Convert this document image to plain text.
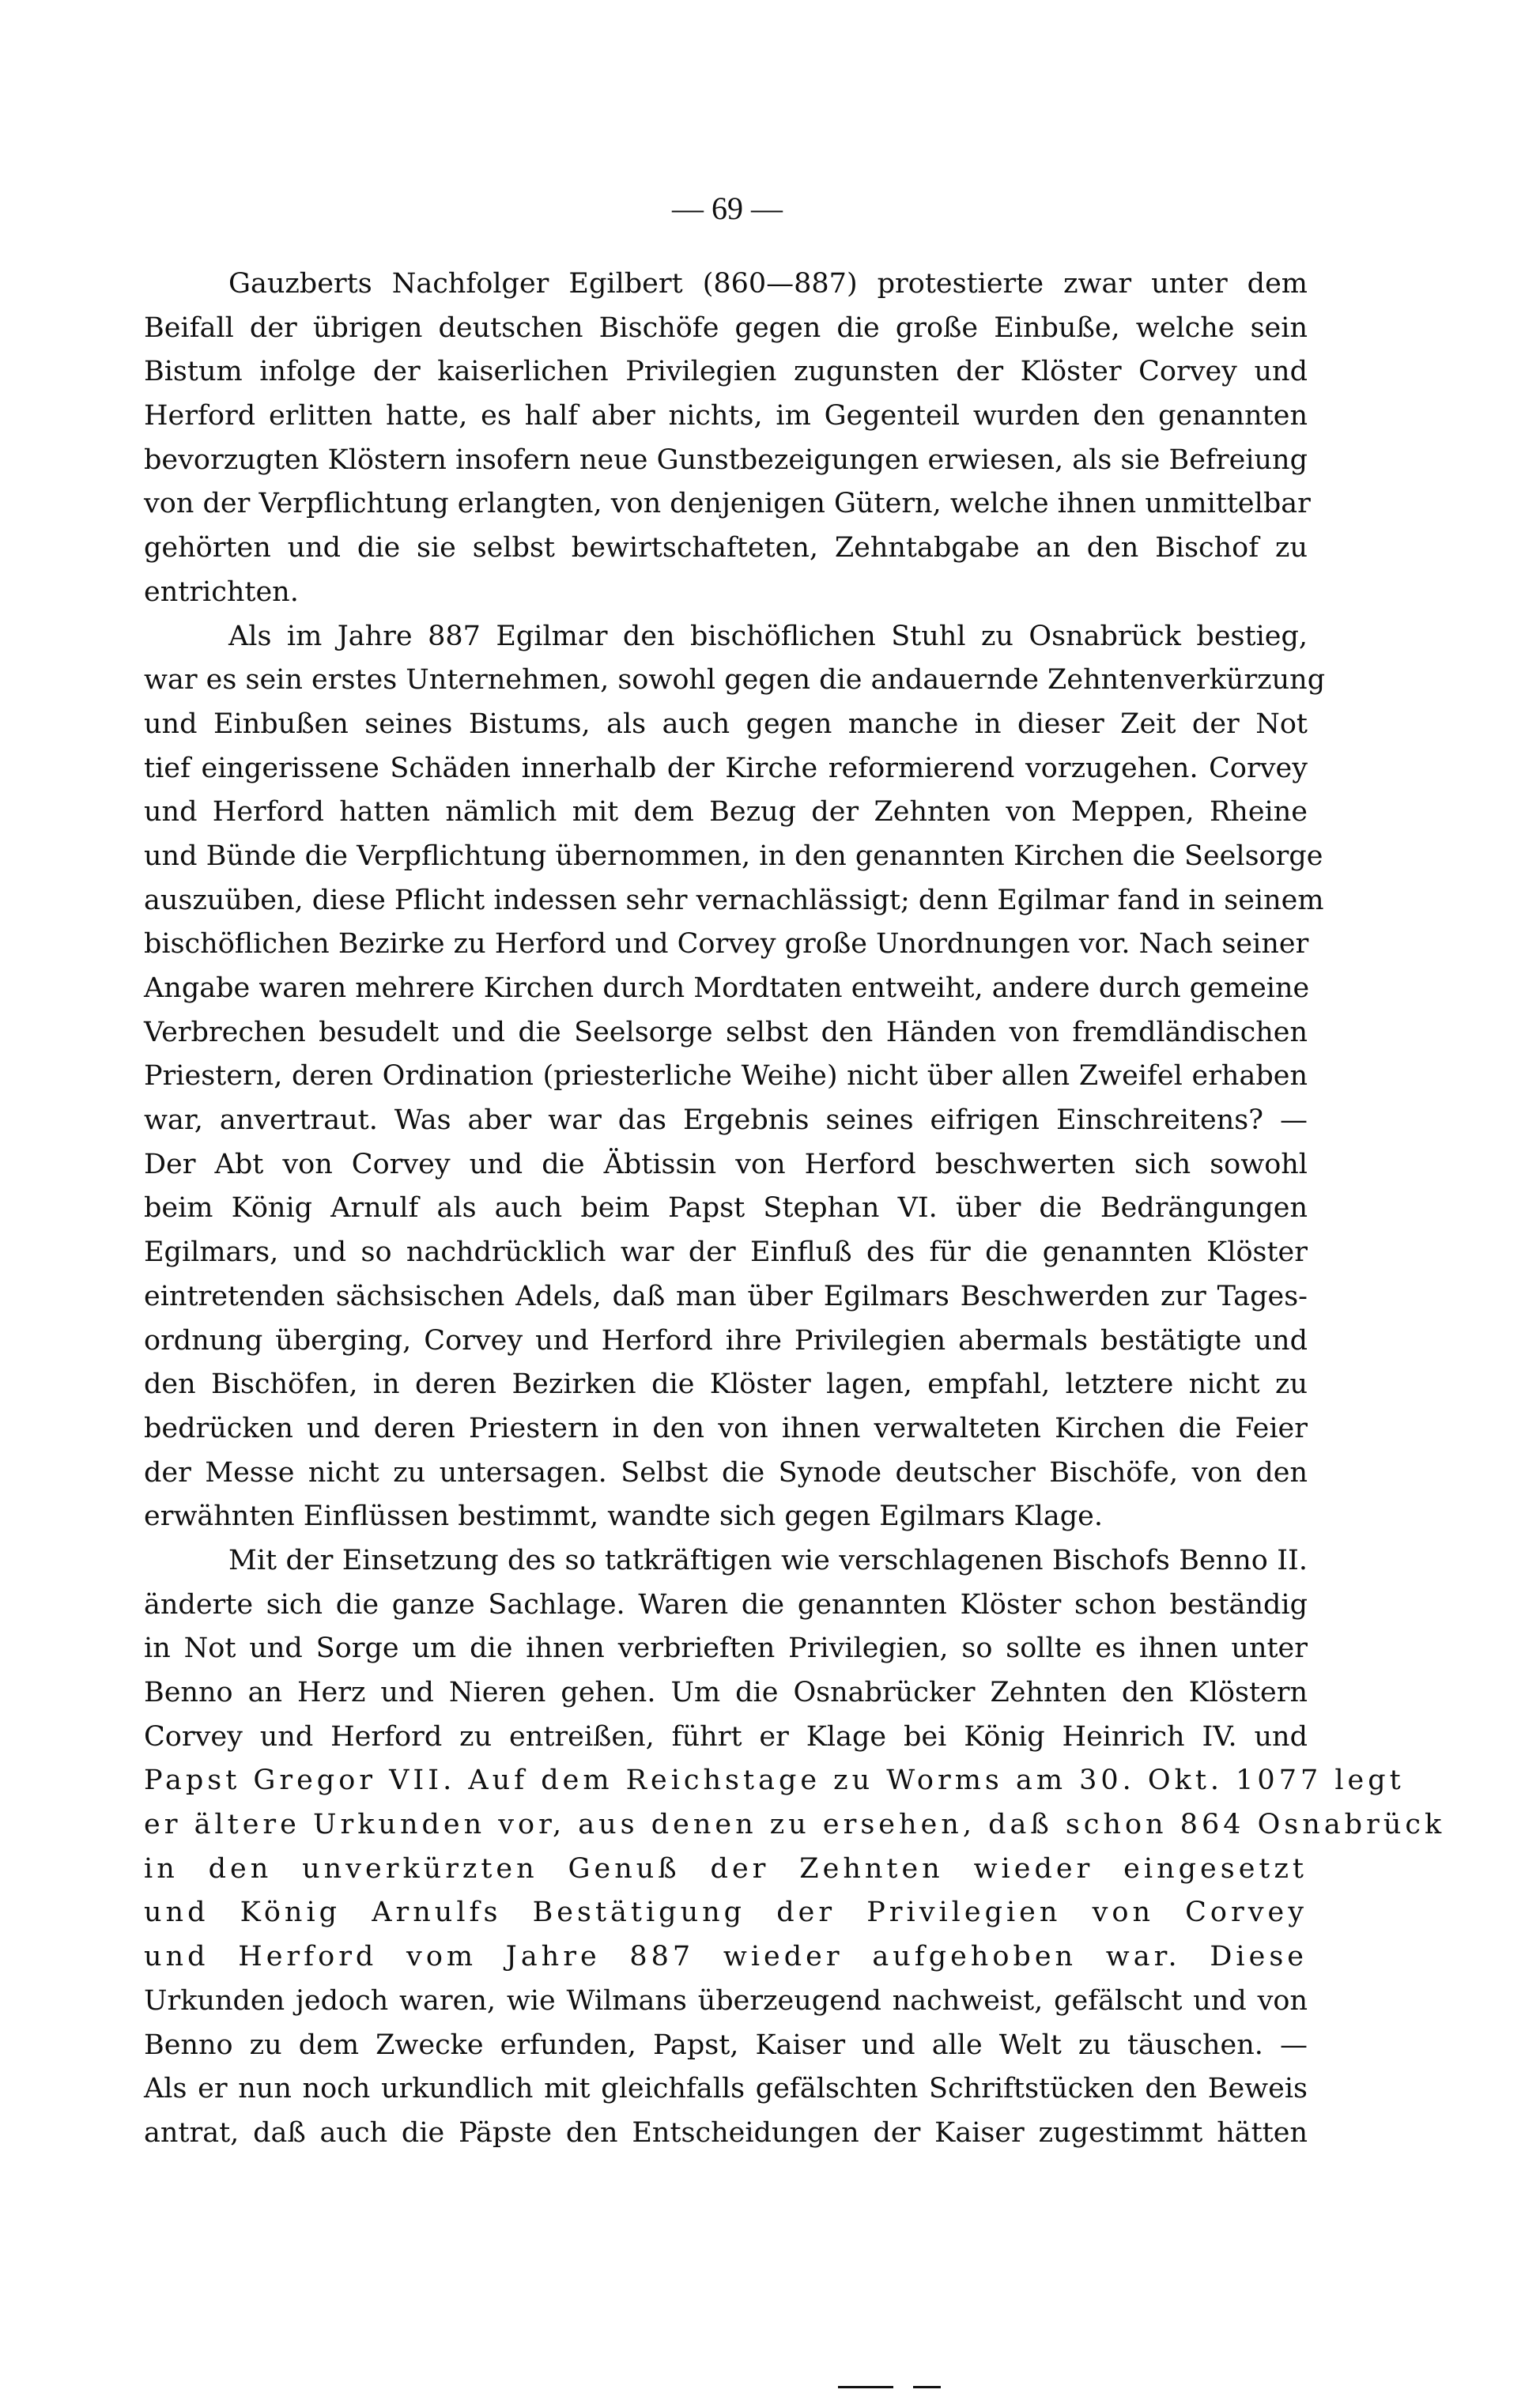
— 69 —
Gauzberts Nachfolger Egilbert (860—887) protestierte zwar unter dem
Beifall der übrigen deutschen Bischöfe gegen die große Einbuße, welche sein
Bistum infolge der kaiserlichen Privilegien zugunsten der Klöster Corvey und
Herford erlitten hatte, es half aber nichts, im Gegenteil wurden den genannten
bevorzugten Klöstern insofern neue Gunstbezeigungen erwiesen, als sie Befreiung
von der Verpflichtung erlangten, von denjenigen Gütern, welche ihnen unmittelbar
gehörten und die sie selbst bewirtschafteten, Zehntabgabe an den Bischof zu
entrichten.
Als im Jahre 887 Egilmar den bischöflichen Stuhl zu Osnabrück bestieg,
war es sein erstes Unternehmen, sowohl gegen die andauernde Zehntenverkürzung
und Einbußen seines Bistums, als auch gegen manche in dieser Zeit der Not
tief eingerissene Schäden innerhalb der Kirche reformierend vorzugehen. Corvey
und Herford hatten nämlich mit dem Bezug der Zehnten von Meppen, Rheine
und Bünde die Verpflichtung übernommen, in den genannten Kirchen die Seelsorge
auszuüben, diese Pflicht indessen sehr vernachlässigt; denn Egilmar fand in seinem
bischöflichen Bezirke zu Herford und Corvey große Unordnungen vor. Nach seiner
Angabe waren mehrere Kirchen durch Mordtaten entweiht, andere durch gemeine
Verbrechen besudelt und die Seelsorge selbst den Händen von fremdländischen
Priestern, deren Ordination (priesterliche Weihe) nicht über allen Zweifel erhaben
war, anvertraut. Was aber war das Ergebnis seines eifrigen Einschreitens? —
Der Abt von Corvey und die Äbtissin von Herford beschwerten sich sowohl
beim König Arnulf als auch beim Papst Stephan VI. über die Bedrängungen
Egilmars, und so nachdrücklich war der Einfluß des für die genannten Klöster
eintretenden sächsischen Adels, daß man über Egilmars Beschwerden zur Tages-
ordnung überging, Corvey und Herford ihre Privilegien abermals bestätigte und
den Bischöfen, in deren Bezirken die Klöster lagen, empfahl, letztere nicht zu
bedrücken und deren Priestern in den von ihnen verwalteten Kirchen die Feier
der Messe nicht zu untersagen. Selbst die Synode deutscher Bischöfe, von den
erwähnten Einflüssen bestimmt, wandte sich gegen Egilmars Klage.
Mit der Einsetzung des so tatkräftigen wie verschlagenen Bischofs Benno II.
änderte sich die ganze Sachlage. Waren die genannten Klöster schon beständig
in Not und Sorge um die ihnen verbrieften Privilegien, so sollte es ihnen unter
Benno an Herz und Nieren gehen. Um die Osnabrücker Zehnten den Klöstern
Corvey und Herford zu entreißen, führt er Klage bei König Heinrich IV. und
Papst Gregor VII. Auf dem Reichstage zu Worms am 30. Okt. 1077 legt
er ältere Urkunden vor, aus denen zu ersehen, daß schon 864 Osnabrück
in den unverkürzten Genuß der Zehnten wieder eingesetzt
und König Arnulfs Bestätigung der Privilegien von Corvey
und Herford vom Jahre 887 wieder aufgehoben war. Diese
Urkunden jedoch waren, wie Wilmans überzeugend nachweist, gefälscht und von
Benno zu dem Zwecke erfunden, Papst, Kaiser und alle Welt zu täuschen. —
Als er nun noch urkundlich mit gleichfalls gefälschten Schriftstücken den Beweis
antrat, daß auch die Päpste den Entscheidungen der Kaiser zugestimmt hätten
